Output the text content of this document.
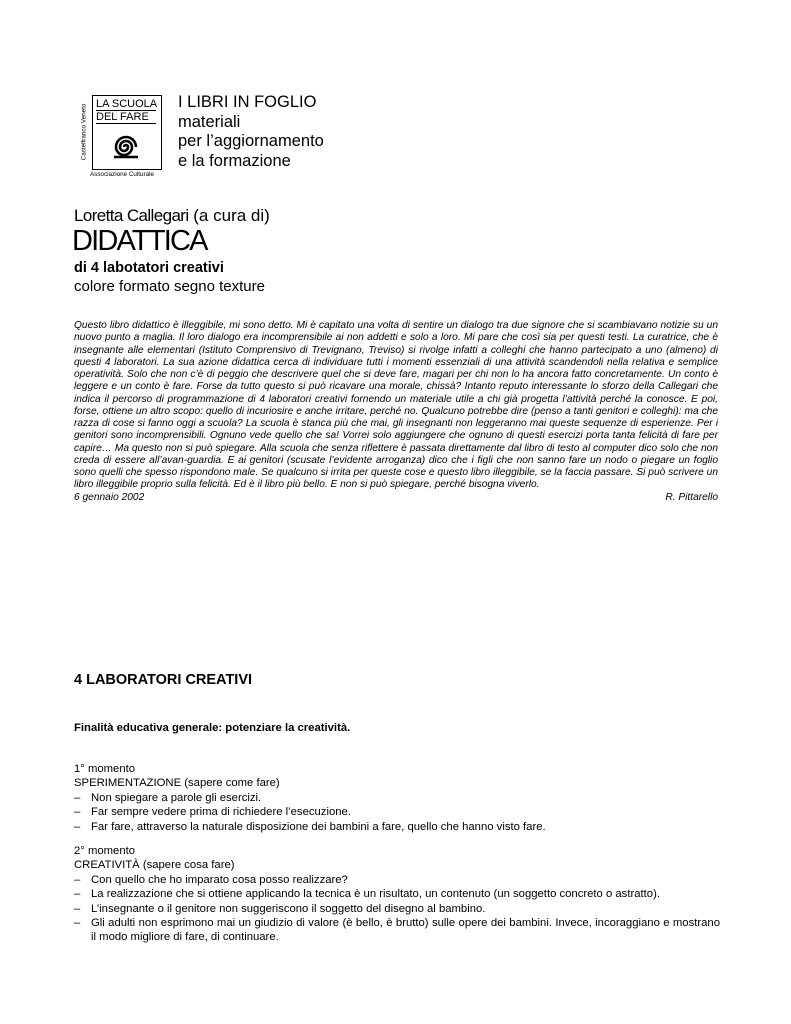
Castelfranco Veneto LA SCUOLA
DEL FARE
Associazione Culturale
I LIBRI IN FOGLIO
materiali
per l’aggiornamento
e la formazione
Loretta Callegari (a cura di)
DIDATTICA
di 4 labotatori creativi
colore formato segno texture
Questo libro didattico è illeggibile, mi sono detto. Mi è capitato una volta di sentire un dialogo tra due signore che si scambiavano notizie su un nuovo punto a maglia. Il loro dialogo era incomprensibile ai non addetti e solo a loro. Mi pare che così sia per questi testi. La curatrice, che è insegnante alle elementari (Istituto Comprensivo di Trevignano, Treviso) si rivolge infatti a colleghi che hanno partecipato a uno (almeno) di questi 4 laboratori. La sua azione didattica cerca di individuare tutti i momenti essenziali di una attività scandendoli nella relativa e semplice operatività. Solo che non c’è di peggio che descrivere quel che si deve fare, magari per chi non lo ha ancora fatto concretamente. Un conto è leggere e un conto è fare. Forse da tutto questo si può ricavare una morale, chissà? Intanto reputo interessante lo sforzo della Callegari che indica il percorso di programmazione di 4 laboratori creativi fornendo un materiale utile a chi già progetta l’attività perché la conosce. E poi, forse, ottiene un altro scopo: quello di incuriosire e anche irritare, perché no. Qualcuno potrebbe dire (penso a tanti genitori e colleghi): ma che razza di cose si fanno oggi a scuola? La scuola è stanca più che mai, gli insegnanti non leggeranno mai queste sequenze di esperienze. Per i genitori sono incomprensibili. Ognuno vede quello che sa! Vorrei solo aggiungere che ognuno di questi esercizi porta tanta felicità di fare per capire… Ma questo non si può spiegare. Alla scuola che senza riflettere è passata direttamente dal libro di testo al computer dico solo che non creda di essere all’avan-guardia. E ai genitori (scusate l’evidente arroganza) dico che i figli che non sanno fare un nodo o piegare un foglio sono quelli che spesso rispondono male. Se qualcuno si irrita per queste cose e questo libro illeggibile, se la faccia passare. Si può scrivere un libro illeggibile proprio sulla felicità. Ed è il libro più bello. E non si può spiegare, perché bisogna viverlo.
6 gennaio 2002	R. Pittarello
4 LABORATORI CREATIVI
Finalità educativa generale: potenziare la creatività.
1° momento
SPERIMENTAZIONE (sapere come fare)
– Non spiegare a parole gli esercizi.
– Far sempre vedere prima di richiedere l’esecuzione.
– Far fare, attraverso la naturale disposizione dei bambini a fare, quello che hanno visto fare.
2° momento
CREATIVITÀ (sapere cosa fare)
– Con quello che ho imparato cosa posso realizzare?
– La realizzazione che si ottiene applicando la tecnica è un risultato, un contenuto (un soggetto concreto o astratto).
– L’insegnante o il genitore non suggeriscono il soggetto del disegno al bambino.
– Gli adulti non esprimono mai un giudizio di valore (è bello, è brutto) sulle opere dei bambini. Invece, incoraggiano e mostrano il modo migliore di fare, di continuare.
